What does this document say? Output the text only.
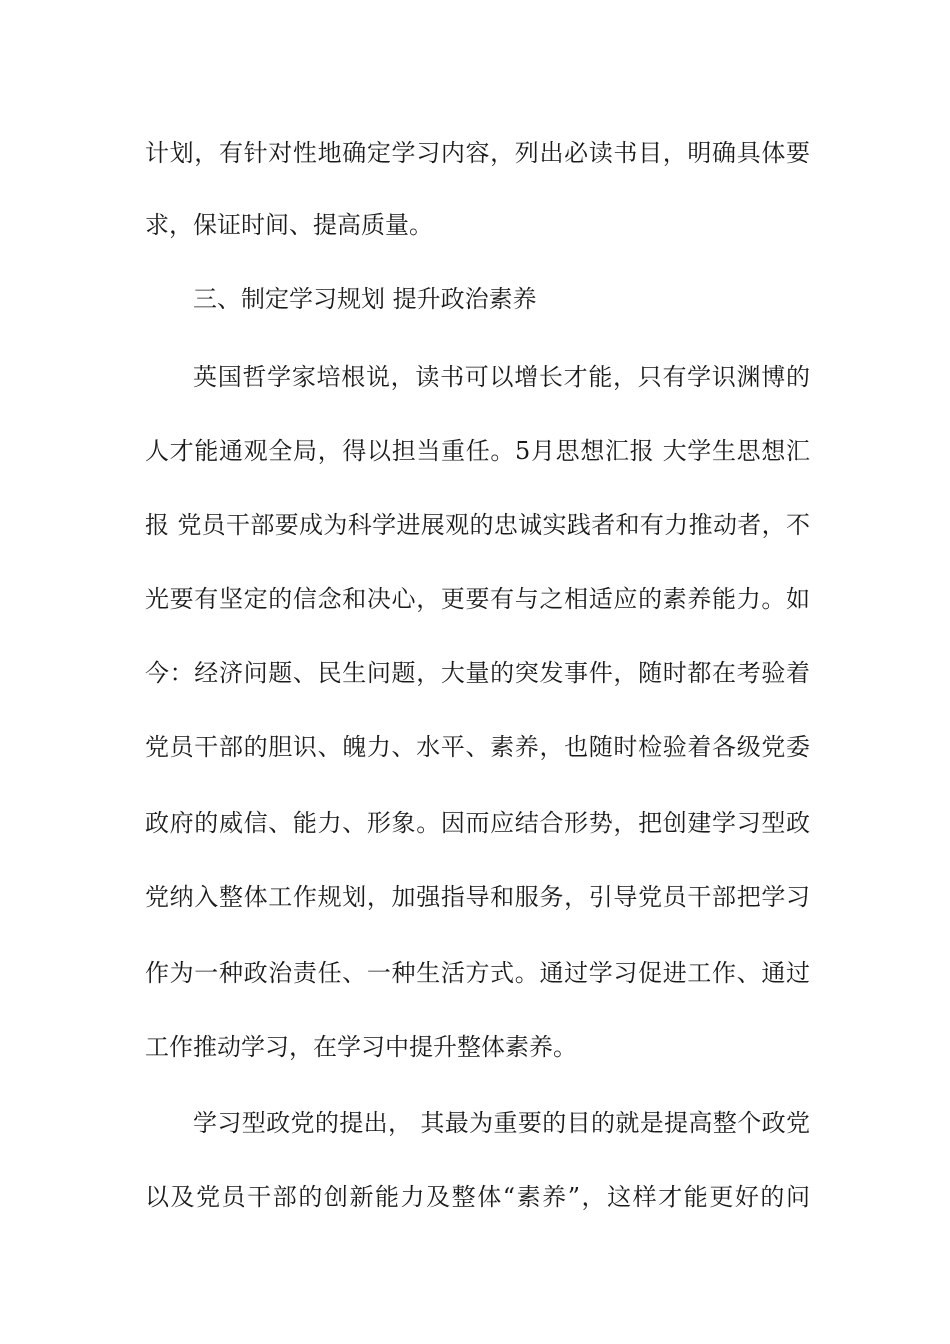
计划，有针对性地确定学习内容，列出必读书目，明确具体要
求，保证时间、提高质量。
三、制定学习规划 提升政治素养
英国哲学家培根说，读书可以增长才能，只有学识渊博的
人才能通观全局，得以担当重任。5月思想汇报 大学生思想汇
报 党员干部要成为科学进展观的忠诚实践者和有力推动者，不
光要有坚定的信念和决心，更要有与之相适应的素养能力。如
今：经济问题、民生问题，大量的突发事件，随时都在考验着
党员干部的胆识、魄力、水平、素养，也随时检验着各级党委
政府的威信、能力、形象。因而应结合形势，把创建学习型政
党纳入整体工作规划，加强指导和服务，引导党员干部把学习
作为一种政治责任、一种生活方式。通过学习促进工作、通过
工作推动学习，在学习中提升整体素养。
学习型政党的提出， 其最为重要的目的就是提高整个政党
以及党员干部的创新能力及整体“素养”，这样才能更好的问
